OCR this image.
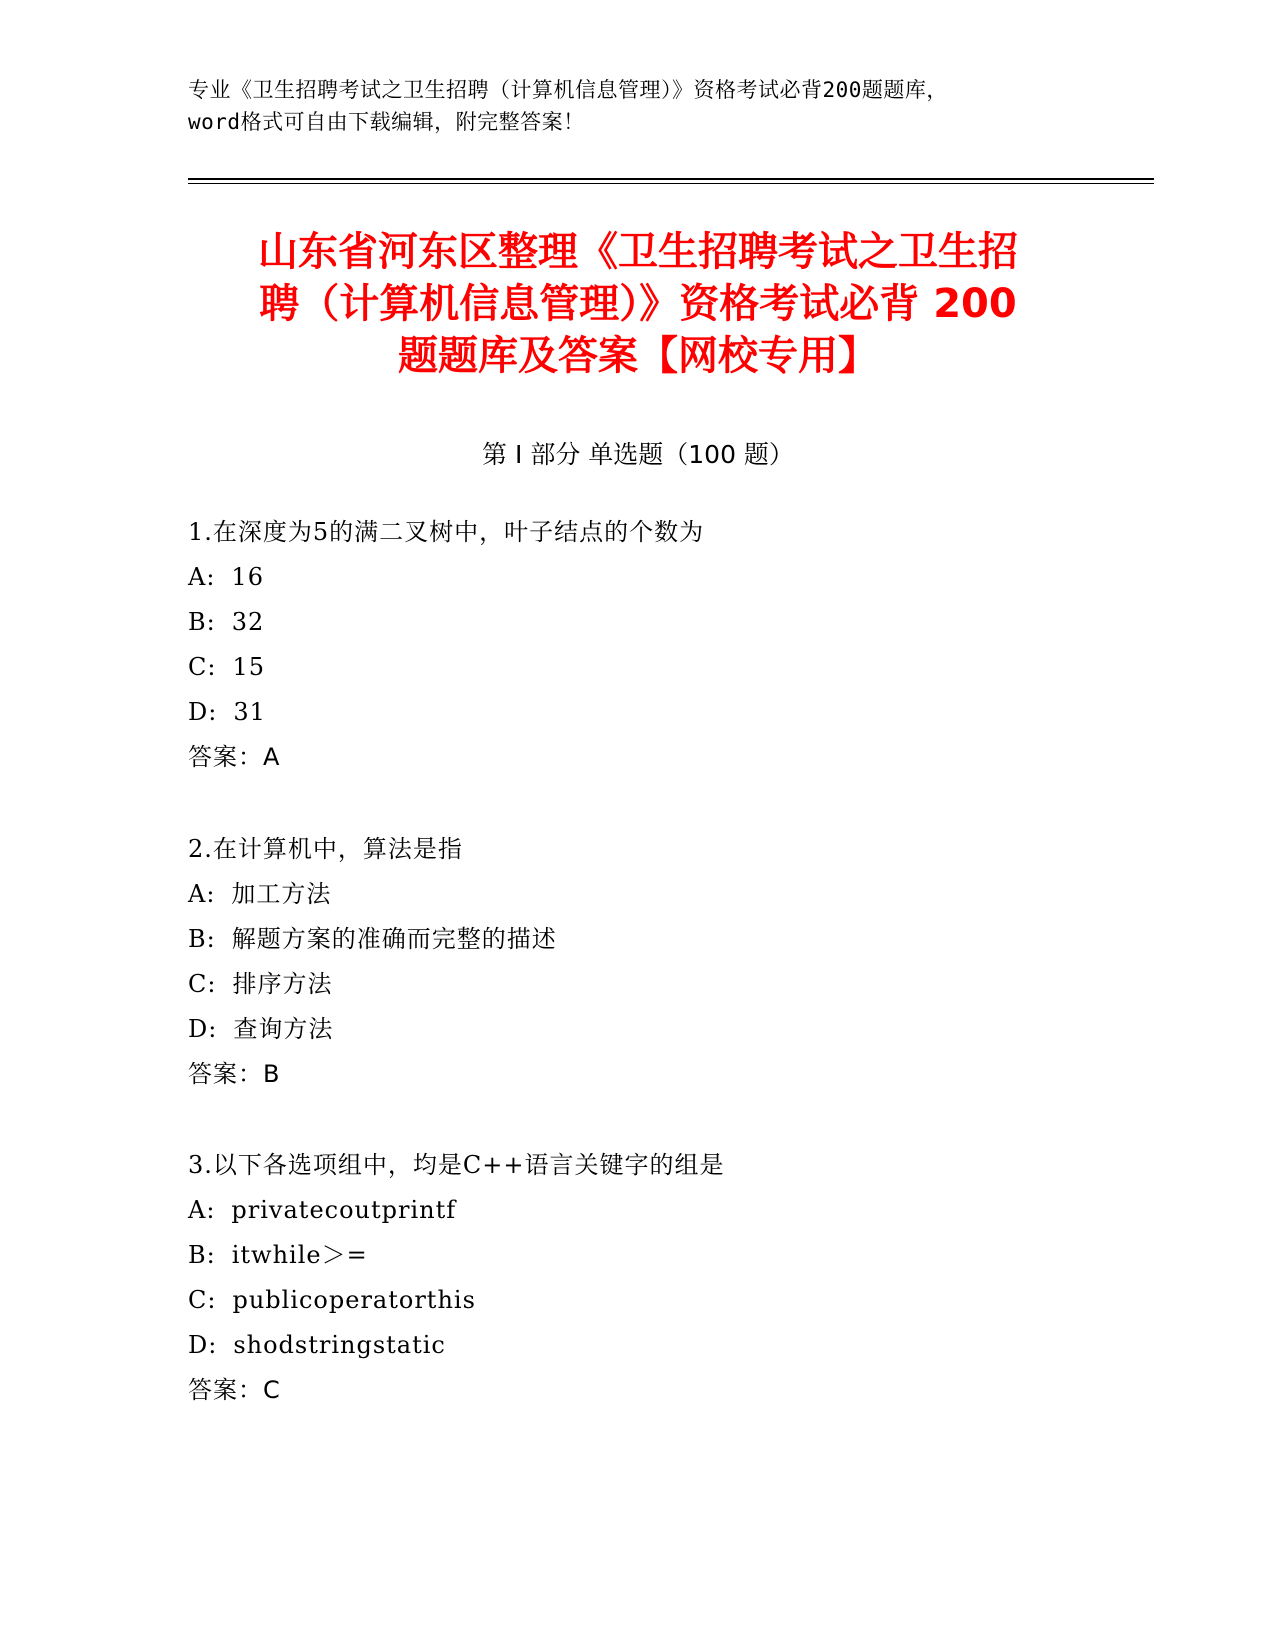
专业《卫生招聘考试之卫生招聘（计算机信息管理）》资格考试必背200题题库，
word格式可自由下载编辑，附完整答案！
山东省河东区整理《卫生招聘考试之卫生招
聘（计算机信息管理）》资格考试必背 200
题题库及答案【网校专用】
第 I 部分 单选题（100 题）
1.在深度为5的满二叉树中，叶子结点的个数为
A: 16
B: 32
C: 15
D: 31
答案：A
2.在计算机中，算法是指
A: 加工方法
B: 解题方案的准确而完整的描述
C: 排序方法
D: 查询方法
答案：B
3.以下各选项组中，均是C++语言关键字的组是
A: privatecoutprintf
B: itwhile＞=
C: publicoperatorthis
D: shodstringstatic
答案：C
